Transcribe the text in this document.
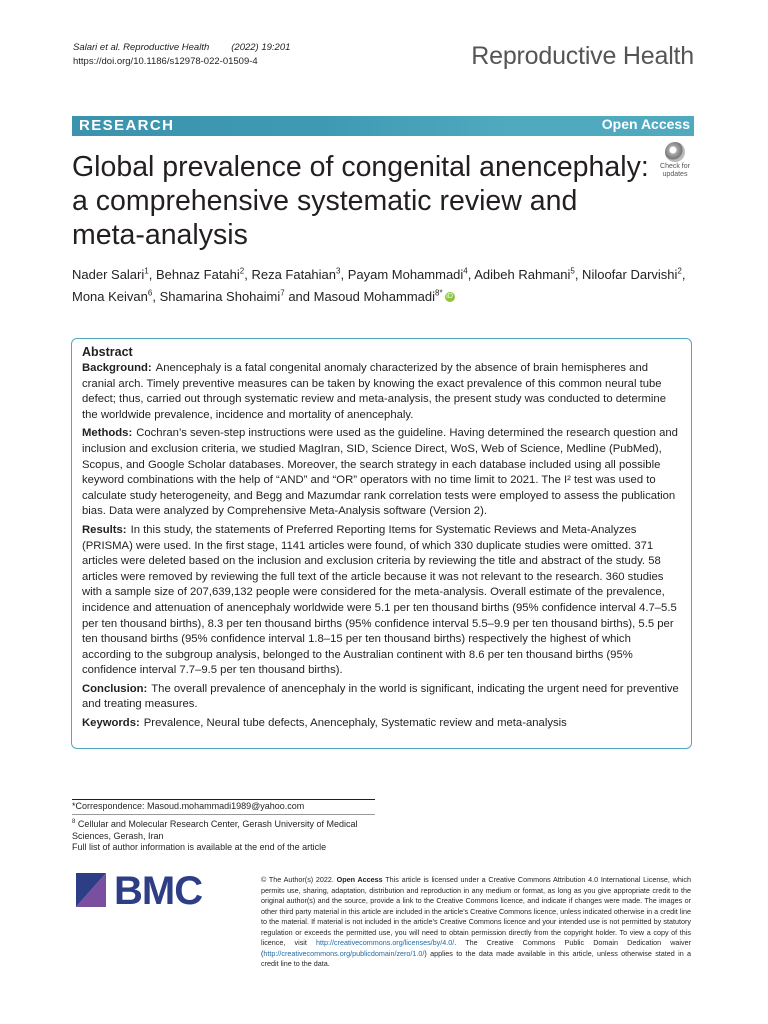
Salari et al. Reproductive Health (2022) 19:201
https://doi.org/10.1186/s12978-022-01509-4	Reproductive Health
RESEARCH	Open Access
Global prevalence of congenital anencephaly: a comprehensive systematic review and meta-analysis
Check for
updates
Nader Salari$^1$, Behnaz Fatahi$^2$, Reza Fatahian$^3$, Payam Mohammadi$^4$, Adibeh Rahmani$^5$, Niloofar Darvishi$^2$, Mona Keivan$^6$, Shamarina Shohaimi$^7$ and Masoud Mohammadi$^{8*}$ iD
Abstract

Background: Anencephaly is a fatal congenital anomaly characterized by the absence of brain hemispheres and cranial arch. Timely preventive measures can be taken by knowing the exact prevalence of this common neural tube defect; thus, carried out through systematic review and meta-analysis, the present study was conducted to determine the worldwide prevalence, incidence and mortality of anencephaly.

Methods: Cochran’s seven-step instructions were used as the guideline. Having determined the research question and inclusion and exclusion criteria, we studied MagIran, SID, Science Direct, WoS, Web of Science, Medline (PubMed), Scopus, and Google Scholar databases. Moreover, the search strategy in each database included using all possible keyword combinations with the help of “AND” and “OR” operators with no time limit to 2021. The I² test was used to calculate study heterogeneity, and Begg and Mazumdar rank correlation tests were employed to assess the publication bias. Data were analyzed by Comprehensive Meta-Analysis software (Version 2).

Results: In this study, the statements of Preferred Reporting Items for Systematic Reviews and Meta-Analyzes (PRISMA) were used. In the first stage, 1141 articles were found, of which 330 duplicate studies were omitted. 371 articles were deleted based on the inclusion and exclusion criteria by reviewing the title and abstract of the study. 58 articles were removed by reviewing the full text of the article because it was not relevant to the research. 360 studies with a sample size of 207,639,132 people were considered for the meta-analysis. Overall estimate of the prevalence, incidence and attenuation of anencephaly worldwide were 5.1 per ten thousand births (95% confidence interval 4.7–5.5 per ten thousand births), 8.3 per ten thousand births (95% confidence interval 5.5–9.9 per ten thousand births), 5.5 per ten thousand births (95% confidence interval 1.8–15 per ten thousand births) respectively the highest of which according to the subgroup analysis, belonged to the Australian continent with 8.6 per ten thousand births (95% confidence interval 7.7–9.5 per ten thousand births).

Conclusion: The overall prevalence of anencephaly in the world is significant, indicating the urgent need for preventive and treating measures.

Keywords: Prevalence, Neural tube defects, Anencephaly, Systematic review and meta-analysis

*Correspondence: Masoud.mohammadi1989@yahoo.com
$^8$ Cellular and Molecular Research Center, Gerash University of Medical Sciences, Gerash, Iran
Full list of author information is available at the end of the article
BMC	© The Author(s) 2022. Open Access This article is licensed under a Creative Commons Attribution 4.0 International License, which permits use, sharing, adaptation, distribution and reproduction in any medium or format, as long as you give appropriate credit to the original author(s) and the source, provide a link to the Creative Commons licence, and indicate if changes were made. The images or other third party material in this article are included in the article’s Creative Commons licence, unless indicated otherwise in a credit line to the material. If material is not included in the article’s Creative Commons licence and your intended use is not permitted by statutory regulation or exceeds the permitted use, you will need to obtain permission directly from the copyright holder. To view a copy of this licence, visit http://creativecommons.org/licenses/by/4.0/. The Creative Commons Public Domain Dedication waiver (http://creativecommons.org/publicdomain/zero/1.0/) applies to the data made available in this article, unless otherwise stated in a credit line to the data.
